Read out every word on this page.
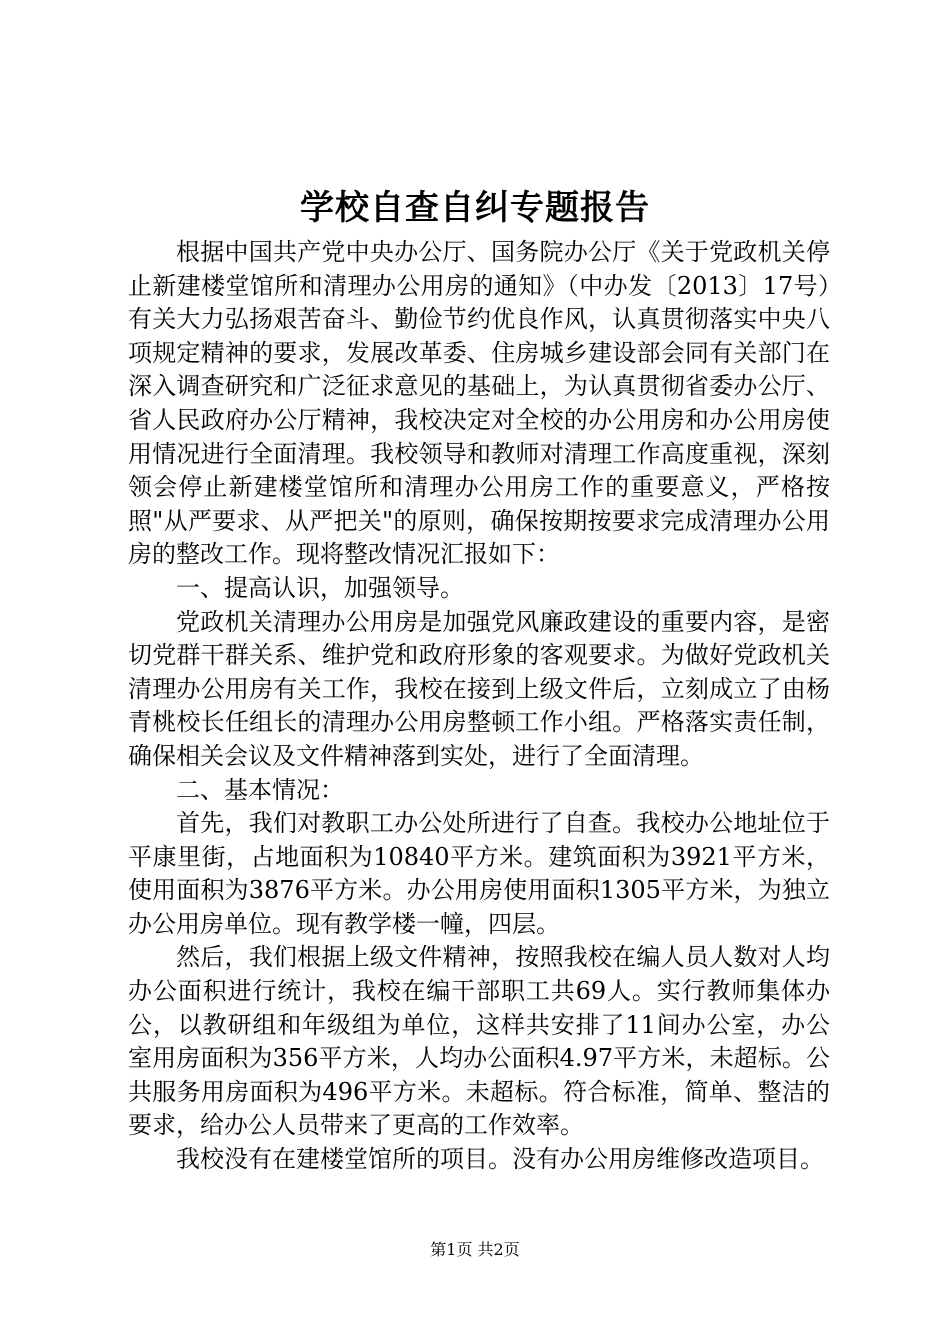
学校自查自纠专题报告

根据中国共产党中央办公厅、国务院办公厅《关于党政机关停止新建楼堂馆所和清理办公用房的通知》（中办发〔2013〕17号）有关大力弘扬艰苦奋斗、勤俭节约优良作风，认真贯彻落实中央八项规定精神的要求，发展改革委、住房城乡建设部会同有关部门在深入调查研究和广泛征求意见的基础上，为认真贯彻省委办公厅、省人民政府办公厅精神，我校决定对全校的办公用房和办公用房使用情况进行全面清理。我校领导和教师对清理工作高度重视，深刻领会停止新建楼堂馆所和清理办公用房工作的重要意义，严格按照"从严要求、从严把关"的原则，确保按期按要求完成清理办公用房的整改工作。现将整改情况汇报如下：

一、提高认识，加强领导。

党政机关清理办公用房是加强党风廉政建设的重要内容，是密切党群干群关系、维护党和政府形象的客观要求。为做好党政机关清理办公用房有关工作，我校在接到上级文件后，立刻成立了由杨青桃校长任组长的清理办公用房整顿工作小组。严格落实责任制，确保相关会议及文件精神落到实处，进行了全面清理。

二、基本情况：

首先，我们对教职工办公处所进行了自查。我校办公地址位于平康里街，占地面积为10840平方米。建筑面积为3921平方米，使用面积为3876平方米。办公用房使用面积1305平方米，为独立办公用房单位。现有教学楼一幢，四层。

然后，我们根据上级文件精神，按照我校在编人员人数对人均办公面积进行统计，我校在编干部职工共69人。实行教师集体办公，以教研组和年级组为单位，这样共安排了11间办公室，办公室用房面积为356平方米，人均办公面积4.97平方米，未超标。公共服务用房面积为496平方米。未超标。符合标准，简单、整洁的要求，给办公人员带来了更高的工作效率。

我校没有在建楼堂馆所的项目。没有办公用房维修改造项目。

第1页 共2页
